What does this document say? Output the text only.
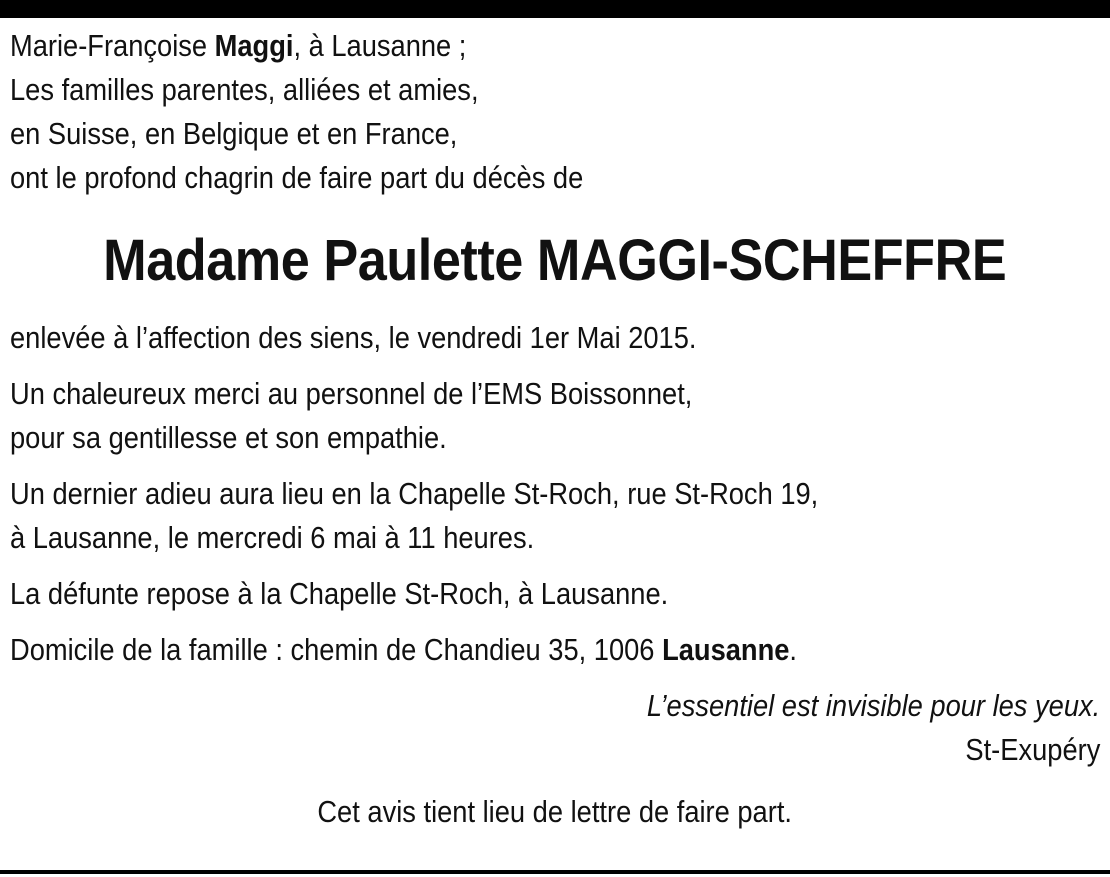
Marie-Françoise Maggi, à Lausanne ;

Les familles parentes, alliées et amies,

en Suisse, en Belgique et en France,

ont le profond chagrin de faire part du décès de

Madame Paulette MAGGI-SCHEFFRE

enlevée à l’affection des siens, le vendredi 1er Mai 2015.

Un chaleureux merci au personnel de l’EMS Boissonnet,

pour sa gentillesse et son empathie.

Un dernier adieu aura lieu en la Chapelle St-Roch, rue St-Roch 19,

à Lausanne, le mercredi 6 mai à 11 heures.

La défunte repose à la Chapelle St-Roch, à Lausanne.

Domicile de la famille : chemin de Chandieu 35, 1006 Lausanne.

L’essentiel est invisible pour les yeux.

St-Exupéry

Cet avis tient lieu de lettre de faire part.
